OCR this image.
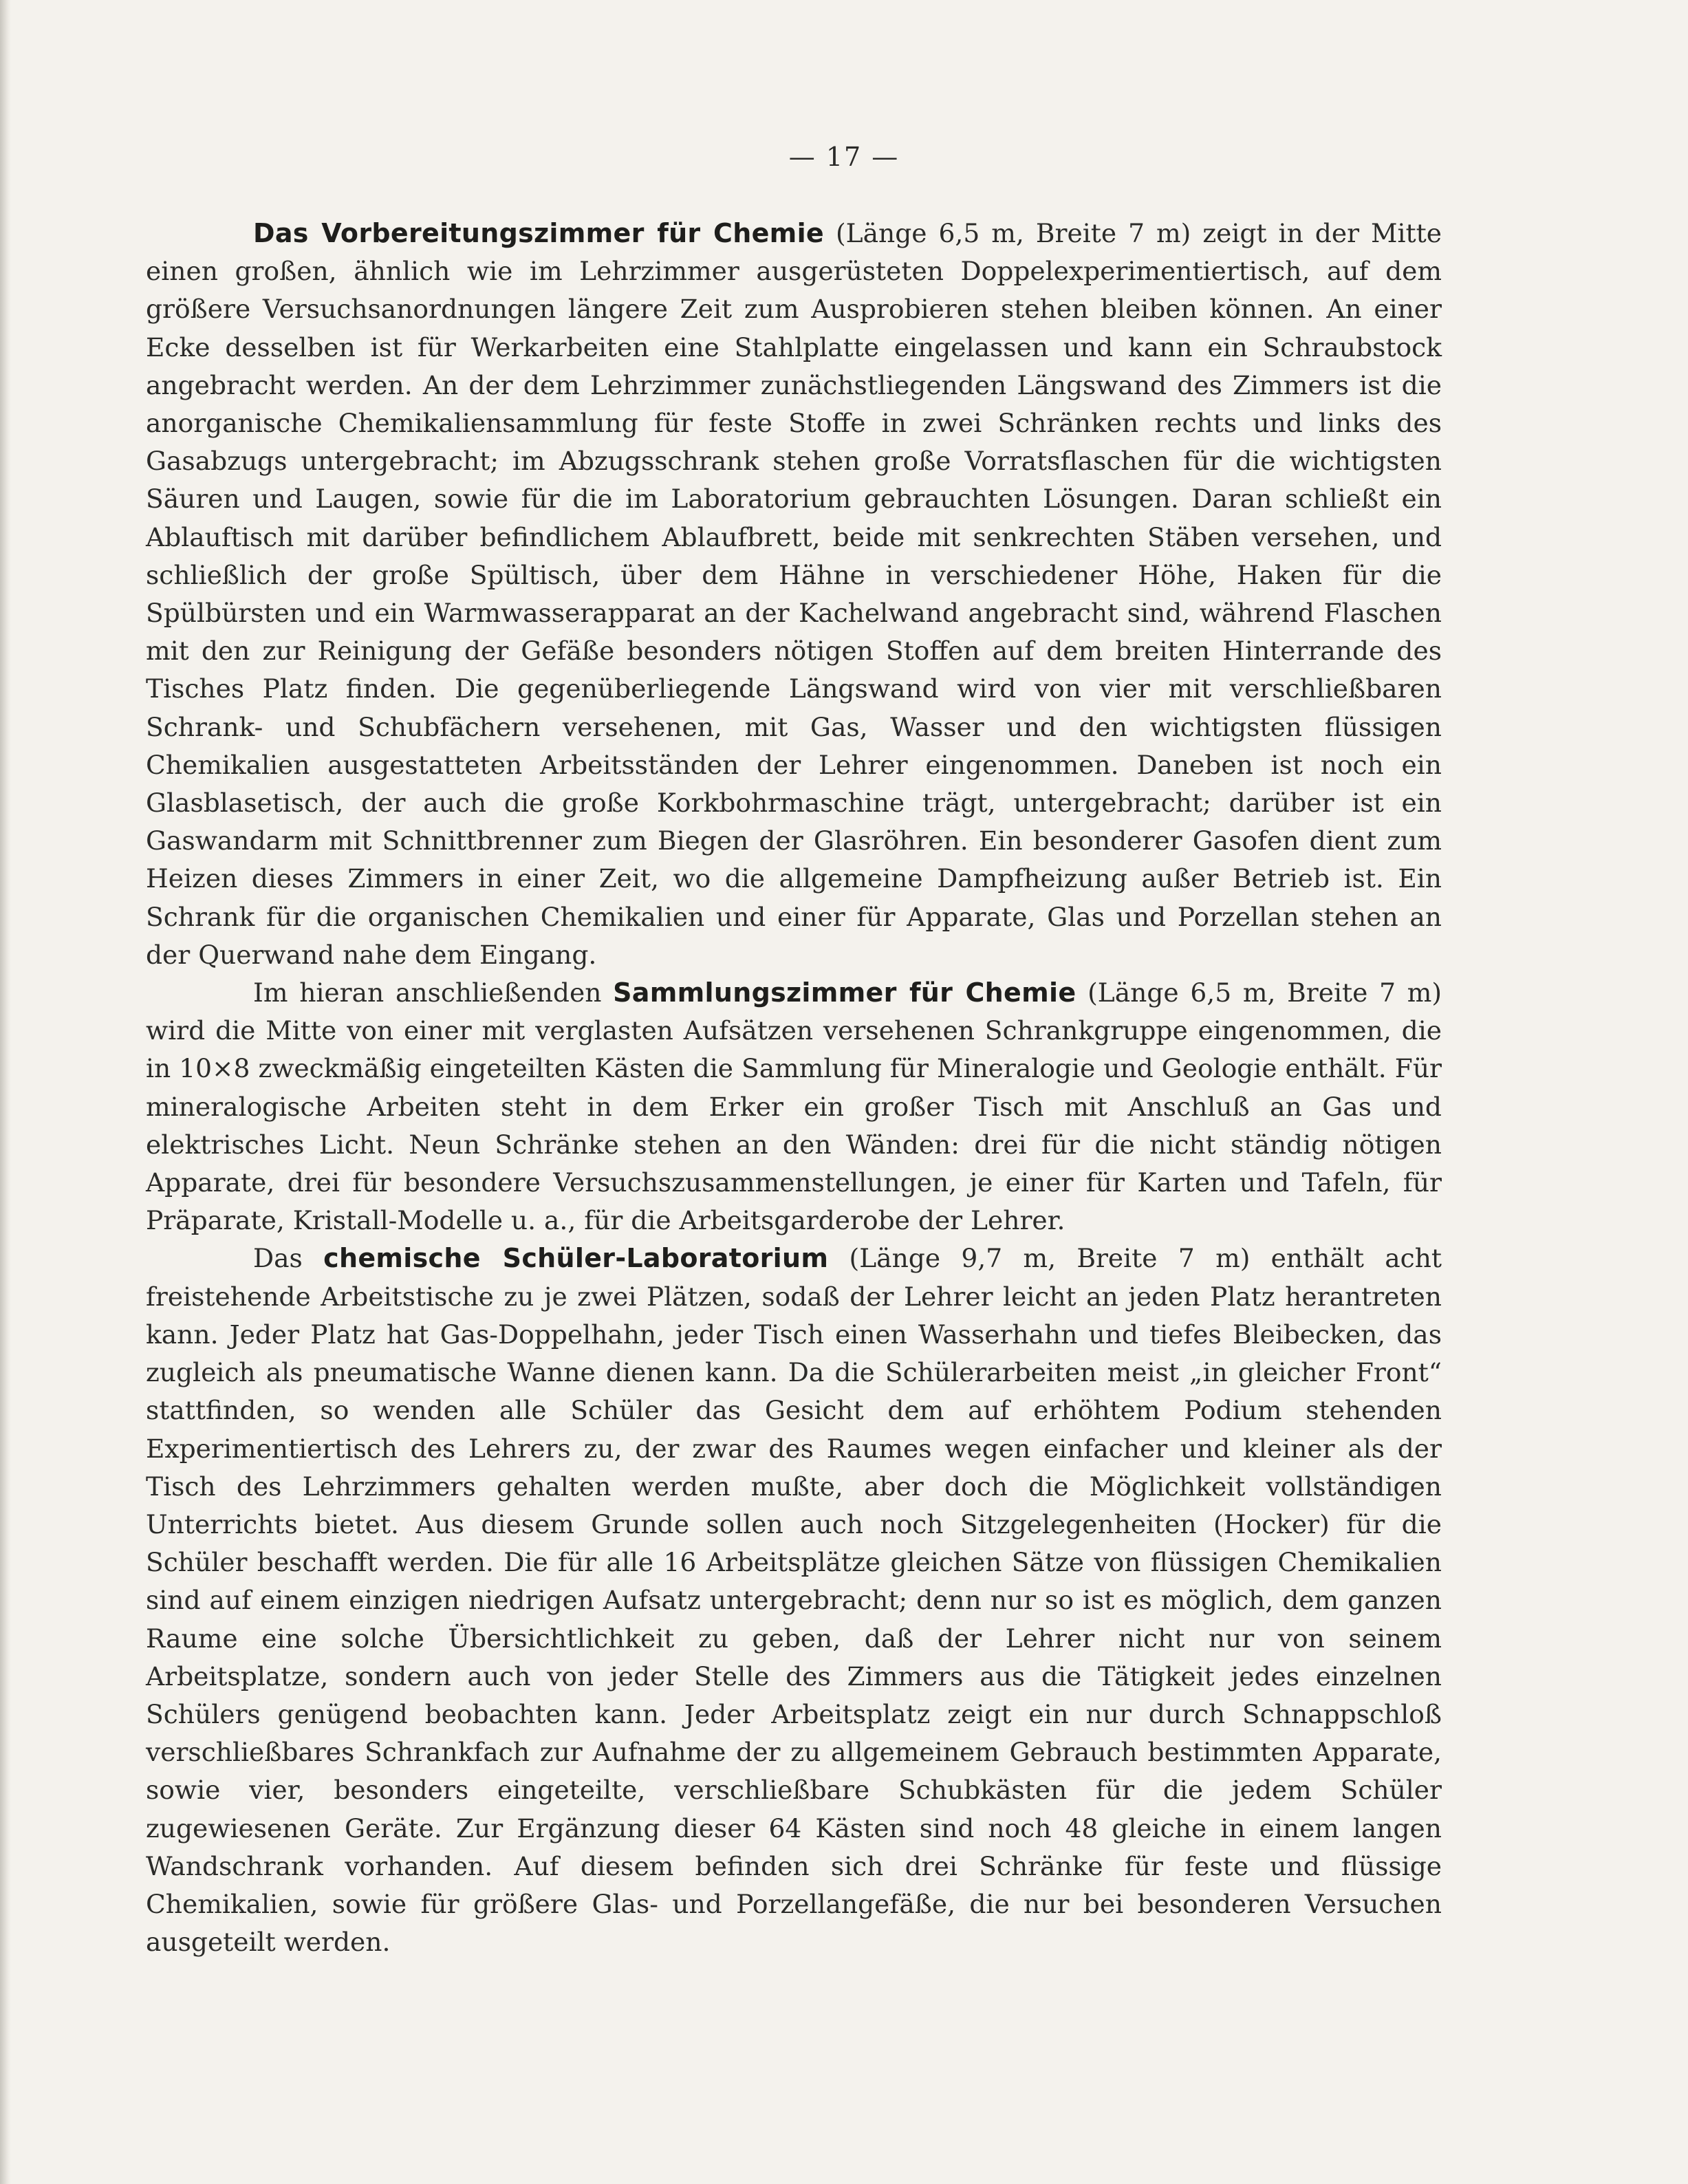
— 17 —

Das Vorbereitungszimmer für Chemie (Länge 6,5 m, Breite 7 m) zeigt in der Mitte einen großen, ähnlich wie im Lehrzimmer ausgerüsteten Doppelexperimentiertisch, auf dem größere Versuchsanordnungen längere Zeit zum Ausprobieren stehen bleiben können. An einer Ecke desselben ist für Werkarbeiten eine Stahlplatte eingelassen und kann ein Schraubstock angebracht werden. An der dem Lehrzimmer zunächstliegenden Längswand des Zimmers ist die anorganische Chemikaliensammlung für feste Stoffe in zwei Schränken rechts und links des Gasabzugs untergebracht; im Abzugsschrank stehen große Vorratsflaschen für die wichtigsten Säuren und Laugen, sowie für die im Laboratorium gebrauchten Lösungen. Daran schließt ein Ablauftisch mit darüber befindlichem Ablaufbrett, beide mit senkrechten Stäben versehen, und schließlich der große Spültisch, über dem Hähne in verschiedener Höhe, Haken für die Spülbürsten und ein Warmwasserapparat an der Kachelwand angebracht sind, während Flaschen mit den zur Reinigung der Gefäße besonders nötigen Stoffen auf dem breiten Hinterrande des Tisches Platz finden. Die gegenüberliegende Längswand wird von vier mit verschließbaren Schrank- und Schubfächern versehenen, mit Gas, Wasser und den wichtigsten flüssigen Chemikalien ausgestatteten Arbeitsständen der Lehrer eingenommen. Daneben ist noch ein Glasblasetisch, der auch die große Korkbohrmaschine trägt, untergebracht; darüber ist ein Gaswandarm mit Schnittbrenner zum Biegen der Glasröhren. Ein besonderer Gasofen dient zum Heizen dieses Zimmers in einer Zeit, wo die allgemeine Dampfheizung außer Betrieb ist. Ein Schrank für die organischen Chemikalien und einer für Apparate, Glas und Porzellan stehen an der Querwand nahe dem Eingang.

Im hieran anschließenden Sammlungszimmer für Chemie (Länge 6,5 m, Breite 7 m) wird die Mitte von einer mit verglasten Aufsätzen versehenen Schrankgruppe eingenommen, die in 10×8 zweckmäßig eingeteilten Kästen die Sammlung für Mineralogie und Geologie enthält. Für mineralogische Arbeiten steht in dem Erker ein großer Tisch mit Anschluß an Gas und elektrisches Licht. Neun Schränke stehen an den Wänden: drei für die nicht ständig nötigen Apparate, drei für besondere Versuchszusammenstellungen, je einer für Karten und Tafeln, für Präparate, Kristall-Modelle u. a., für die Arbeitsgarderobe der Lehrer.

Das chemische Schüler-Laboratorium (Länge 9,7 m, Breite 7 m) enthält acht freistehende Arbeitstische zu je zwei Plätzen, sodaß der Lehrer leicht an jeden Platz herantreten kann. Jeder Platz hat Gas-Doppelhahn, jeder Tisch einen Wasserhahn und tiefes Bleibecken, das zugleich als pneumatische Wanne dienen kann. Da die Schülerarbeiten meist „in gleicher Front“ stattfinden, so wenden alle Schüler das Gesicht dem auf erhöhtem Podium stehenden Experimentiertisch des Lehrers zu, der zwar des Raumes wegen einfacher und kleiner als der Tisch des Lehrzimmers gehalten werden mußte, aber doch die Möglichkeit vollständigen Unterrichts bietet. Aus diesem Grunde sollen auch noch Sitzgelegenheiten (Hocker) für die Schüler beschafft werden. Die für alle 16 Arbeitsplätze gleichen Sätze von flüssigen Chemikalien sind auf einem einzigen niedrigen Aufsatz untergebracht; denn nur so ist es möglich, dem ganzen Raume eine solche Übersichtlichkeit zu geben, daß der Lehrer nicht nur von seinem Arbeitsplatze, sondern auch von jeder Stelle des Zimmers aus die Tätigkeit jedes einzelnen Schülers genügend beobachten kann. Jeder Arbeitsplatz zeigt ein nur durch Schnappschloß verschließbares Schrankfach zur Aufnahme der zu allgemeinem Gebrauch bestimmten Apparate, sowie vier, besonders eingeteilte, verschließbare Schubkästen für die jedem Schüler zugewiesenen Geräte. Zur Ergänzung dieser 64 Kästen sind noch 48 gleiche in einem langen Wandschrank vorhanden. Auf diesem befinden sich drei Schränke für feste und flüssige Chemikalien, sowie für größere Glas- und Porzellangefäße, die nur bei besonderen Versuchen ausgeteilt werden.
